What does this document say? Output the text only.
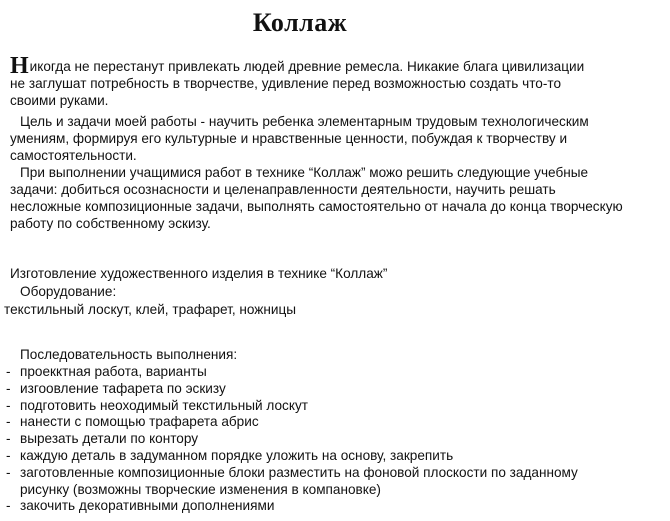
Коллаж
Никогда не перестанут привлекать людей древние ремесла. Никакие блага цивилизации
не заглушат потребность в творчестве, удивление перед возможностью создать что-то
своими руками.
Цель и задачи моей работы - научить ребенка элементарным трудовым технологическим
умениям, формируя его культурные и нравственные ценности, побуждая к творчеству и
самостоятельности.
При выполнении учащимися работ в технике “Коллаж” можо решить следующие учебные
задачи: добиться осознасности и целенаправленности деятельности, научить решать
несложные композиционные задачи, выполнять самостоятельно от начала до конца творческую
работу по собственному эскизу.
Изготовление художественного изделия в технике “Коллаж”
Оборудование:
текстильный лоскут, клей, трафарет, ножницы
Последовательность выполнения:
- проекктная работа, варианты
- изгоовление тафарета по эскизу
- подготовить неоходимый текстильный лоскут
- нанести с помощью трафарета абрис
- вырезать детали по контору
- каждую деталь в задуманном порядке уложить на основу, закрепить
- заготовленные композиционные блоки разместить на фоновой плоскости по заданному
рисунку (возможны творческие изменения в компановке)
- закочить декоративными дополнениями
